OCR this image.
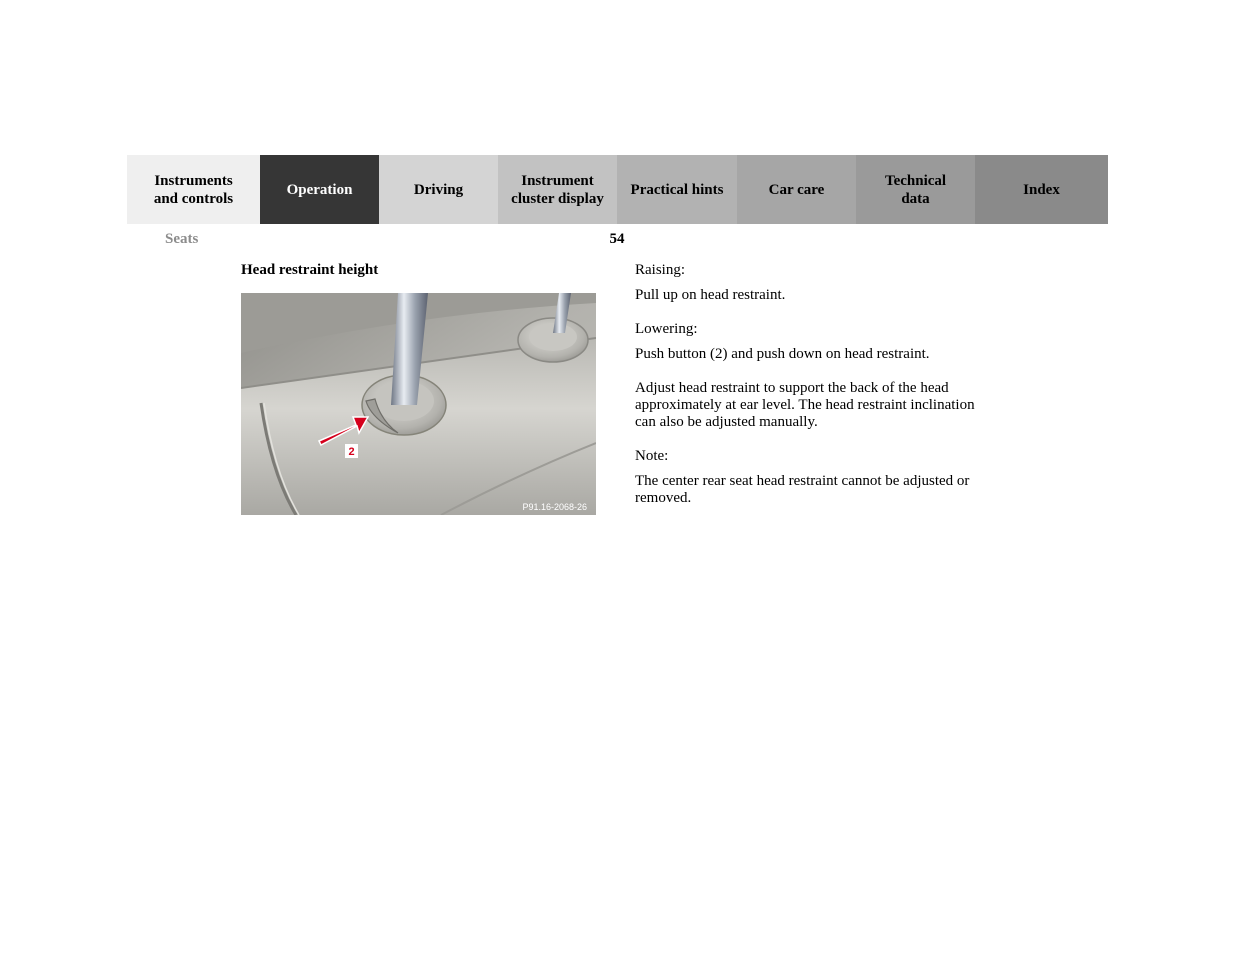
Instruments
and controls
Operation	Driving
Instrument
cluster display
Practical hints	Car care
Technical
data
Index
Seats	54
Head restraint height
2
P91.16-2068-26

Raising:

Pull up on head restraint.

Lowering:

Push button (2) and push down on head restraint.

Adjust head restraint to support the back of the head approximately at ear level. The head restraint inclination can also be adjusted manually.

Note:

The center rear seat head restraint cannot be adjusted or removed.
